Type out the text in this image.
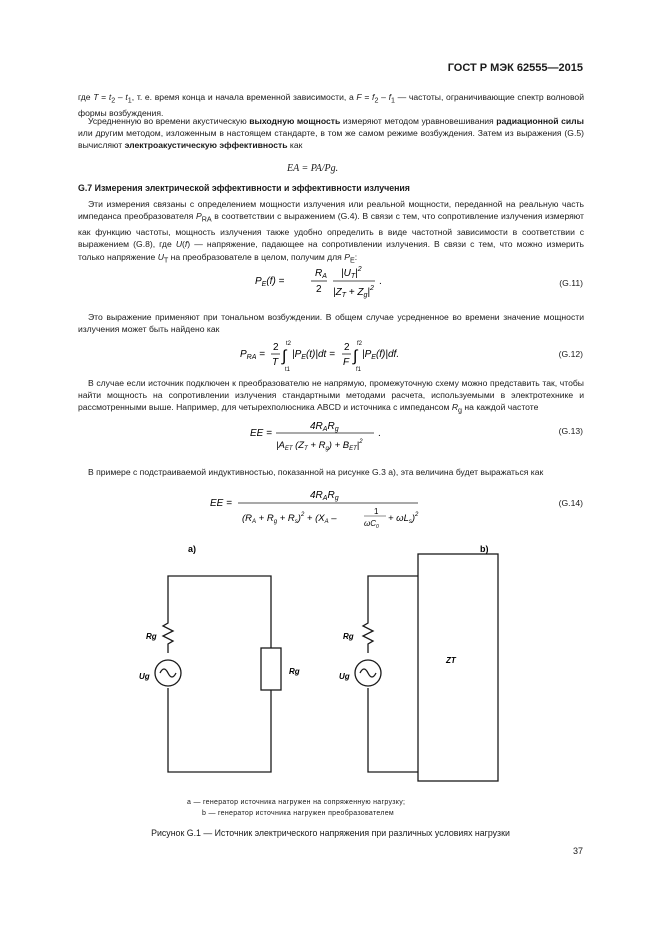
ГОСТ Р МЭК 62555—2015
где $T = t_2 - t_1$, т. е. время конца и начала временной зависимости, а $F = f_2 - f_1$ — частоты, ограничивающие спектр волновой формы возбуждения.
Усредненную во времени акустическую выходную мощность измеряют методом уравновешивания радиационной силы или другим методом, изложенным в настоящем стандарте, в том же самом режиме возбуждения. Затем из выражения (G.5) вычисляют электроакустическую эффективность как
EA = PA/Pg.
G.7 Измерения электрической эффективности и эффективности излучения
Эти измерения связаны с определением мощности излучения или реальной мощности, переданной на реальную часть импеданса преобразователя $P_{RA}$ в соответствии с выражением (G.4). В связи с тем, что сопротивление излучения измеряют как функцию частоты, мощность излучения также удобно определить в виде частотной зависимости в соответствии с выражением (G.8), где U(f) — напряжение, падающее на сопротивлении излучения. В связи с тем, что можно измерить только напряжение $U_T$ на преобразователе в целом, получим для $P_E$:
$P_E(f)$ =
$R_A$
2
$|U_T|^2$
$|Z_T + Z_g|^2$
.	(G.11)
Это выражение применяют при тональном возбуждении. В общем случае усредненное во времени значение мощности излучения может быть найдено как
$P_{RA}$ =
2
T ∫
t2
t1
$|P_E(t)|dt$ =
2
F ∫
f2
f1
$|P_E(f)|df$.	(G.12)
В случае если источник подключен к преобразователю не напрямую, промежуточную схему можно представить так, чтобы найти мощность на сопротивлении излучения стандартными методами расчета, используемыми в электротехнике и рассмотренными выше. Например, для четырехполюсника ABCD и источника с импедансом $R_g$ на каждой частоте
EE =
$4R_AR_g$
$|A_{ET}$ $(Z_T + R_g) + B_{ET}|^2$
.	(G.13)
В примере с подстраиваемой индуктивностью, показанной на рисунке G.3 а), эта величина будет выражаться как
EE =
$4R_AR_g$
$(R_A + R_g + R_s)^2 + (X_A$ –
1
$\omega C_0$
+ $\omega L_s)^2$
(G.14)
а)	b)
Rg
Ug
Rg
Rg
Ug
ZT
а — генератор источника нагружен на сопряженную нагрузку;
b — генератор источника нагружен преобразователем
Рисунок G.1 — Источник электрического напряжения при различных условиях нагрузки
37
